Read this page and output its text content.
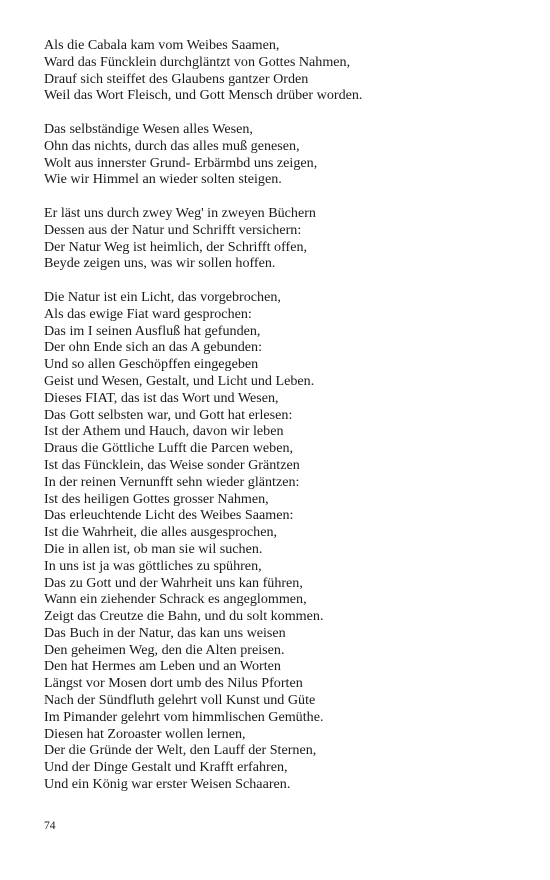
Als die Cabala kam vom Weibes Saamen,
Ward das Füncklein durchgläntzt von Gottes Nahmen,
Drauf sich steiffet des Glaubens gantzer Orden
Weil das Wort Fleisch, und Gott Mensch drüber worden.
Das selbständige Wesen alles Wesen,
Ohn das nichts, durch das alles muß genesen,
Wolt aus innerster Grund- Erbärmbd uns zeigen,
Wie wir Himmel an wieder solten steigen.
Er läst uns durch zwey Weg' in zweyen Büchern
Dessen aus der Natur und Schrifft versichern:
Der Natur Weg ist heimlich, der Schrifft offen,
Beyde zeigen uns, was wir sollen hoffen.
Die Natur ist ein Licht, das vorgebrochen,
Als das ewige Fiat ward gesprochen:
Das im I seinen Ausfluß hat gefunden,
Der ohn Ende sich an das A gebunden:
Und so allen Geschöpffen eingegeben
Geist und Wesen, Gestalt, und Licht und Leben.
Dieses FIAT, das ist das Wort und Wesen,
Das Gott selbsten war, und Gott hat erlesen:
Ist der Athem und Hauch, davon wir leben
Draus die Göttliche Lufft die Parcen weben,
Ist das Füncklein, das Weise sonder Gräntzen
In der reinen Vernunfft sehn wieder gläntzen:
Ist des heiligen Gottes grosser Nahmen,
Das erleuchtende Licht des Weibes Saamen:
Ist die Wahrheit, die alles ausgesprochen,
Die in allen ist, ob man sie wil suchen.
In uns ist ja was göttliches zu spühren,
Das zu Gott und der Wahrheit uns kan führen,
Wann ein ziehender Schrack es angeglommen,
Zeigt das Creutze die Bahn, und du solt kommen.
Das Buch in der Natur, das kan uns weisen
Den geheimen Weg, den die Alten preisen.
Den hat Hermes am Leben und an Worten
Längst vor Mosen dort umb des Nilus Pforten
Nach der Sündfluth gelehrt voll Kunst und Güte
Im Pimander gelehrt vom himmlischen Gemüthe.
Diesen hat Zoroaster wollen lernen,
Der die Gründe der Welt, den Lauff der Sternen,
Und der Dinge Gestalt und Krafft erfahren,
Und ein König war erster Weisen Schaaren.
74
